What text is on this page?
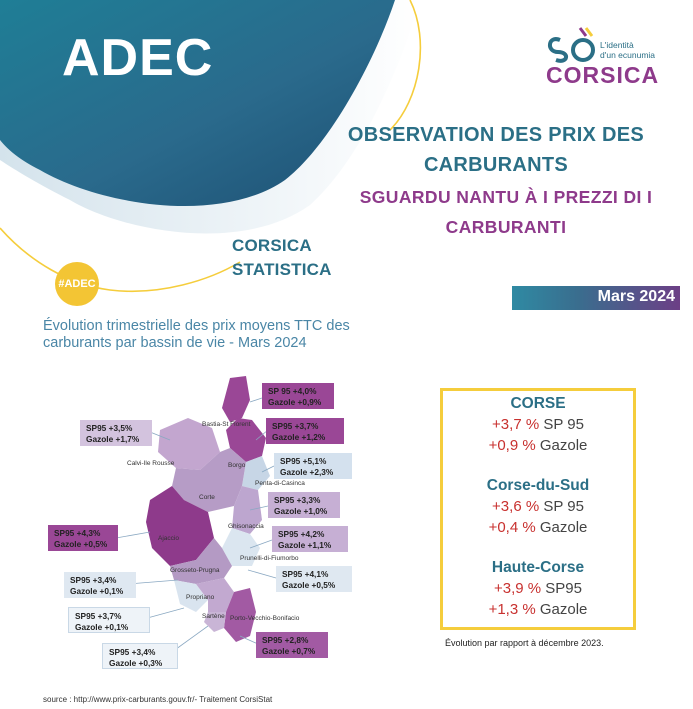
ADEC	L'identità
d'un ecunumia
CORSICA
OBSERVATION DES PRIX DES
CARBURANTS
SGUARDU NANTU À I PREZZI DI I
CARBURANTI
CORSICA
STATISTICA
#ADEC
Mars 2024
Évolution trimestrielle des prix moyens TTC des
carburants par bassin de vie - Mars 2024
Bastia-St Florent
Calvi-Ile Rousse	Borgo
Penta-di-Casinca
Corte
Ghisonaccia
Ajaccio
Prunelli-di-Fiumorbo
Grosseto-Prugna
Propriano
Sartène Porto-Vecchio-Bonifacio
SP 95 +4,0%
Gazole +0,9%
SP95 +3,5%
Gazole +1,7%
SP95 +3,7%
Gazole +1,2%
SP95 +5,1%
Gazole +2,3%
SP95 +3,3%
Gazole +1,0%
SP95 +4,3%
Gazole +0,5%
SP95 +4,2%
Gazole +1,1%
SP95 +4,1%
Gazole +0,5%
SP95 +3,4%
Gazole +0,1%
SP95 +3,7%
Gazole +0,1%
SP95 +3,4%
Gazole +0,3%
SP95 +2,8%
Gazole +0,7%
CORSE
+3,7 % SP 95
+0,9 % Gazole
Corse-du-Sud
+3,6 % SP 95
+0,4 % Gazole
Haute-Corse
+3,9 % SP95
+1,3 % Gazole
Évolution par rapport à décembre 2023.
source : http://www.prix-carburants.gouv.fr/- Traitement CorsiStat
